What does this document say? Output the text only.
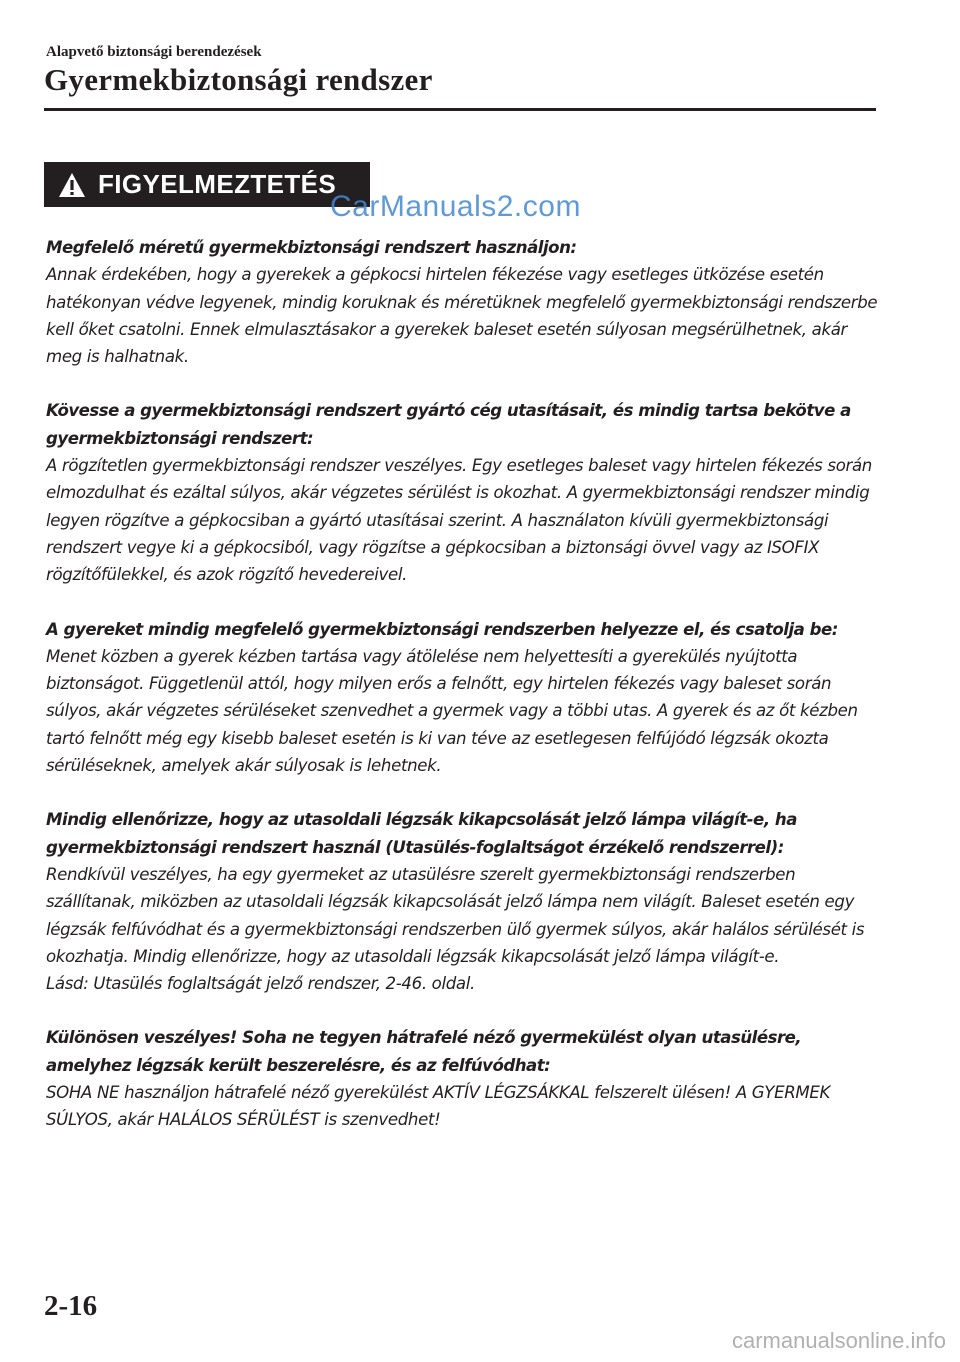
Alapvető biztonsági berendezések
Gyermekbiztonsági rendszer
FIGYELMEZTETÉS
CarManuals2.com

Megfelelő méretű gyermekbiztonsági rendszert használjon:

Annak érdekében, hogy a gyerekek a gépkocsi hirtelen fékezése vagy esetleges ütközése esetén hatékonyan védve legyenek, mindig koruknak és méretüknek megfelelő gyermekbiztonsági rendszerbe kell őket csatolni. Ennek elmulasztásakor a gyerekek baleset esetén súlyosan megsérülhetnek, akár meg is halhatnak.

Kövesse a gyermekbiztonsági rendszert gyártó cég utasításait, és mindig tartsa bekötve a gyermekbiztonsági rendszert:

A rögzítetlen gyermekbiztonsági rendszer veszélyes. Egy esetleges baleset vagy hirtelen fékezés során elmozdulhat és ezáltal súlyos, akár végzetes sérülést is okozhat. A gyermekbiztonsági rendszer mindig legyen rögzítve a gépkocsiban a gyártó utasításai szerint. A használaton kívüli gyermekbiztonsági rendszert vegye ki a gépkocsiból, vagy rögzítse a gépkocsiban a biztonsági övvel vagy az ISOFIX rögzítőfülekkel, és azok rögzítő hevedereivel.

A gyereket mindig megfelelő gyermekbiztonsági rendszerben helyezze el, és csatolja be:

Menet közben a gyerek kézben tartása vagy átölelése nem helyettesíti a gyerekülés nyújtotta biztonságot. Függetlenül attól, hogy milyen erős a felnőtt, egy hirtelen fékezés vagy baleset során súlyos, akár végzetes sérüléseket szenvedhet a gyermek vagy a többi utas. A gyerek és az őt kézben tartó felnőtt még egy kisebb baleset esetén is ki van téve az esetlegesen felfújódó légzsák okozta sérüléseknek, amelyek akár súlyosak is lehetnek.

Mindig ellenőrizze, hogy az utasoldali légzsák kikapcsolását jelző lámpa világít-e, ha gyermekbiztonsági rendszert használ (Utasülés-foglaltságot érzékelő rendszerrel):

Rendkívül veszélyes, ha egy gyermeket az utasülésre szerelt gyermekbiztonsági rendszerben szállítanak, miközben az utasoldali légzsák kikapcsolását jelző lámpa nem világít. Baleset esetén egy légzsák felfúvódhat és a gyermekbiztonsági rendszerben ülő gyermek súlyos, akár halálos sérülését is okozhatja. Mindig ellenőrizze, hogy az utasoldali légzsák kikapcsolását jelző lámpa világít-e.

Lásd: Utasülés foglaltságát jelző rendszer, 2-46. oldal.

Különösen veszélyes! Soha ne tegyen hátrafelé néző gyermekülést olyan utasülésre, amelyhez légzsák került beszerelésre, és az felfúvódhat:

SOHA NE használjon hátrafelé néző gyerekülést AKTÍV LÉGZSÁKKAL felszerelt ülésen! A GYERMEK SÚLYOS, akár HALÁLOS SÉRÜLÉST is szenvedhet!

2-16
carmanualsonline.info
